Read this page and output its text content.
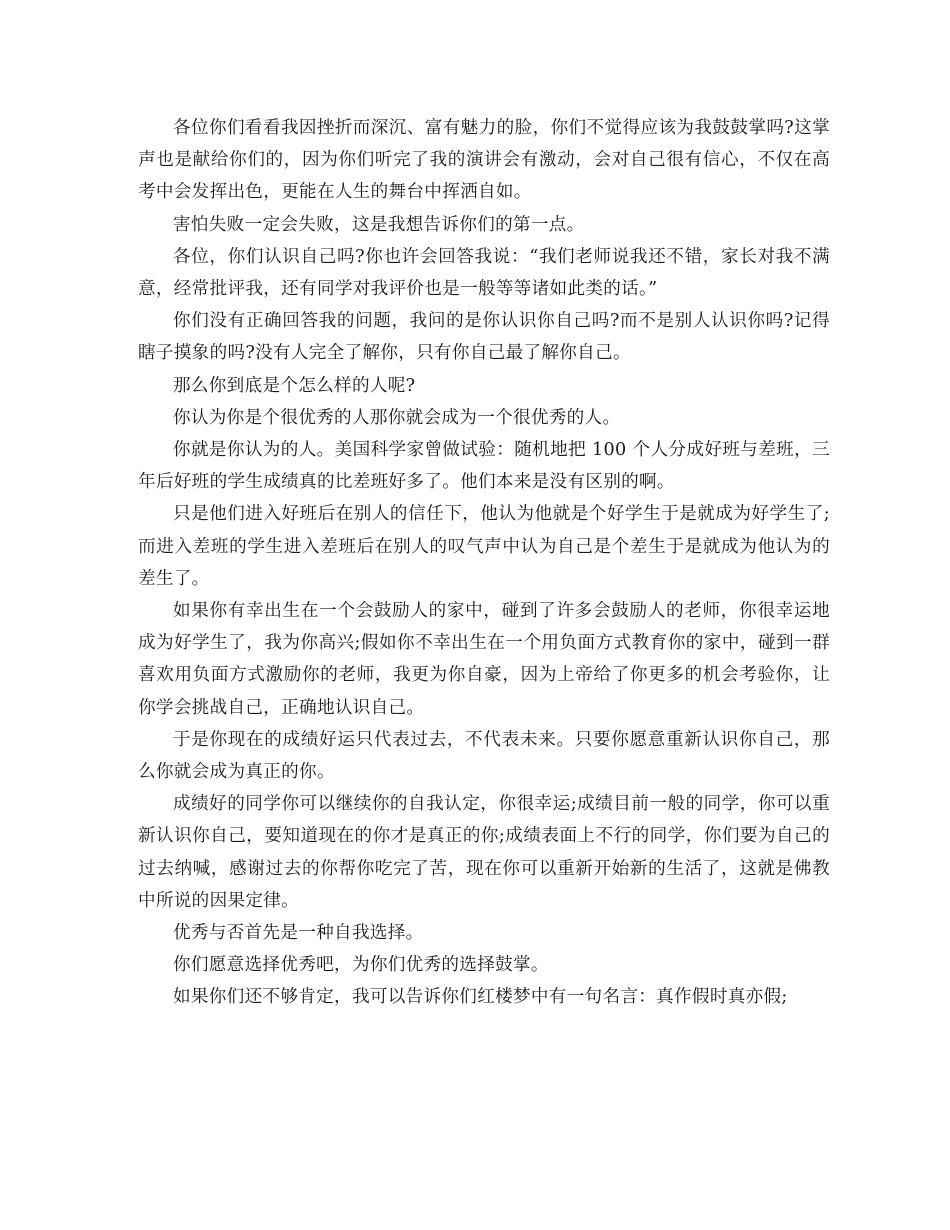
各位你们看看我因挫折而深沉、富有魅力的脸，你们不觉得应该为我鼓鼓掌吗?这掌声也是献给你们的，因为你们听完了我的演讲会有激动，会对自己很有信心，不仅在高考中会发挥出色，更能在人生的舞台中挥洒自如。

害怕失败一定会失败，这是我想告诉你们的第一点。

各位，你们认识自己吗?你也许会回答我说：“我们老师说我还不错，家长对我不满意，经常批评我，还有同学对我评价也是一般等等诸如此类的话。”

你们没有正确回答我的问题，我问的是你认识你自己吗?而不是别人认识你吗?记得瞎子摸象的吗?没有人完全了解你，只有你自己最了解你自己。

那么你到底是个怎么样的人呢?

你认为你是个很优秀的人那你就会成为一个很优秀的人。

你就是你认为的人。美国科学家曾做试验：随机地把 100 个人分成好班与差班，三年后好班的学生成绩真的比差班好多了。他们本来是没有区别的啊。

只是他们进入好班后在别人的信任下，他认为他就是个好学生于是就成为好学生了;而进入差班的学生进入差班后在别人的叹气声中认为自己是个差生于是就成为他认为的差生了。

如果你有幸出生在一个会鼓励人的家中，碰到了许多会鼓励人的老师，你很幸运地成为好学生了，我为你高兴;假如你不幸出生在一个用负面方式教育你的家中，碰到一群喜欢用负面方式激励你的老师，我更为你自豪，因为上帝给了你更多的机会考验你，让你学会挑战自己，正确地认识自己。

于是你现在的成绩好运只代表过去，不代表未来。只要你愿意重新认识你自己，那么你就会成为真正的你。

成绩好的同学你可以继续你的自我认定，你很幸运;成绩目前一般的同学，你可以重新认识你自己，要知道现在的你才是真正的你;成绩表面上不行的同学，你们要为自己的过去纳喊，感谢过去的你帮你吃完了苦，现在你可以重新开始新的生活了，这就是佛教中所说的因果定律。

优秀与否首先是一种自我选择。

你们愿意选择优秀吧，为你们优秀的选择鼓掌。

如果你们还不够肯定，我可以告诉你们红楼梦中有一句名言：真作假时真亦假;
